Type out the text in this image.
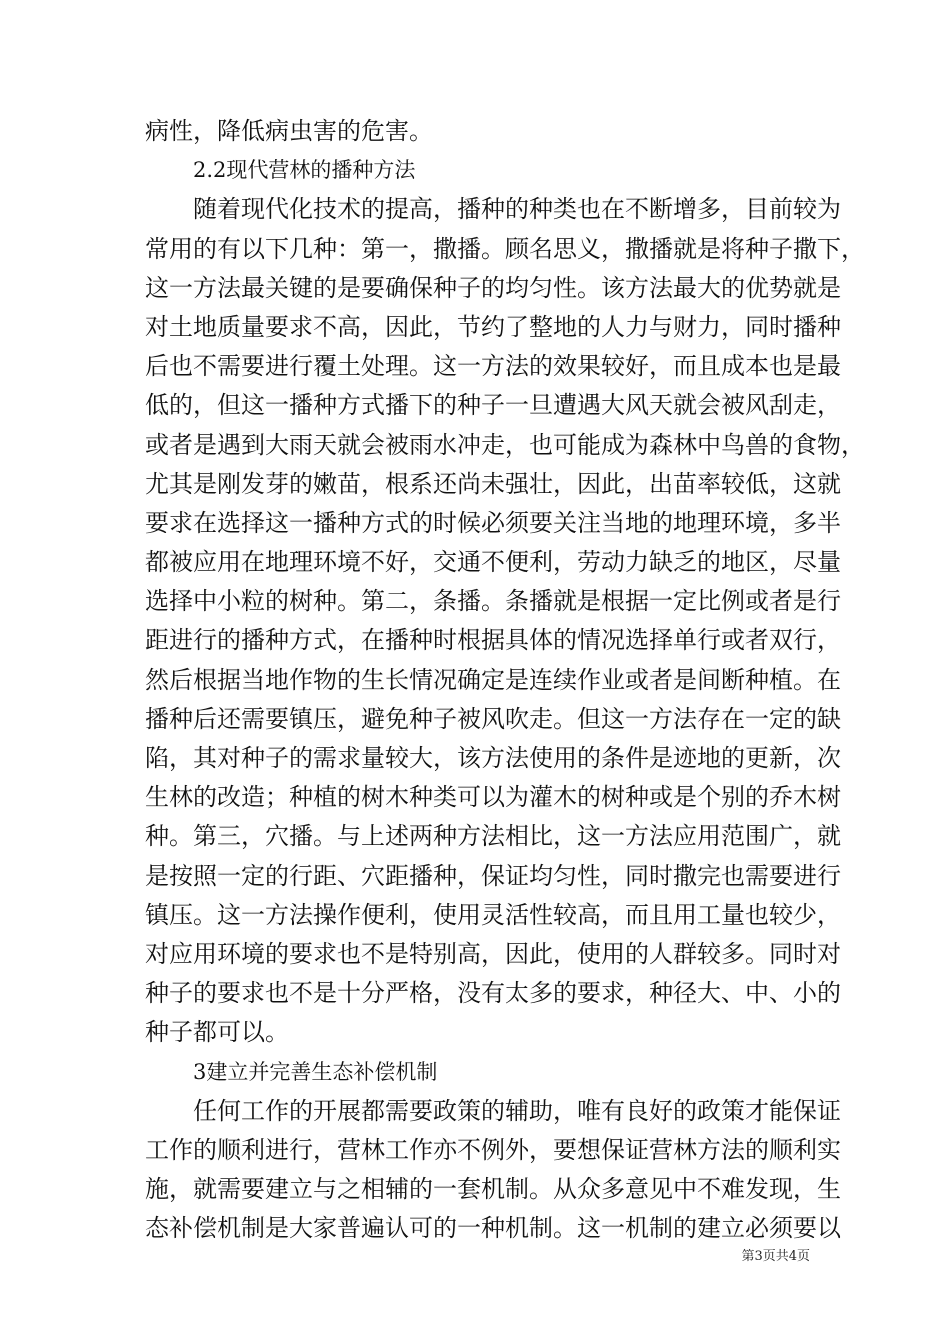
病性，降低病虫害的危害。
2.2现代营林的播种方法
随着现代化技术的提高，播种的种类也在不断增多，目前较为
常用的有以下几种：第一，撒播。顾名思义，撒播就是将种子撒下，
这一方法最关键的是要确保种子的均匀性。该方法最大的优势就是
对土地质量要求不高，因此，节约了整地的人力与财力，同时播种
后也不需要进行覆土处理。这一方法的效果较好，而且成本也是最
低的，但这一播种方式播下的种子一旦遭遇大风天就会被风刮走，
或者是遇到大雨天就会被雨水冲走，也可能成为森林中鸟兽的食物，
尤其是刚发芽的嫩苗，根系还尚未强壮，因此，出苗率较低，这就
要求在选择这一播种方式的时候必须要关注当地的地理环境，多半
都被应用在地理环境不好，交通不便利，劳动力缺乏的地区，尽量
选择中小粒的树种。第二，条播。条播就是根据一定比例或者是行
距进行的播种方式，在播种时根据具体的情况选择单行或者双行，
然后根据当地作物的生长情况确定是连续作业或者是间断种植。在
播种后还需要镇压，避免种子被风吹走。但这一方法存在一定的缺
陷，其对种子的需求量较大，该方法使用的条件是迹地的更新，次
生林的改造；种植的树木种类可以为灌木的树种或是个别的乔木树
种。第三，穴播。与上述两种方法相比，这一方法应用范围广，就
是按照一定的行距、穴距播种，保证均匀性，同时撒完也需要进行
镇压。这一方法操作便利，使用灵活性较高，而且用工量也较少，
对应用环境的要求也不是特别高，因此，使用的人群较多。同时对
种子的要求也不是十分严格，没有太多的要求，种径大、中、小的
种子都可以。
3建立并完善生态补偿机制
任何工作的开展都需要政策的辅助，唯有良好的政策才能保证
工作的顺利进行，营林工作亦不例外，要想保证营林方法的顺利实
施，就需要建立与之相辅的一套机制。从众多意见中不难发现，生
态补偿机制是大家普遍认可的一种机制。这一机制的建立必须要以
第3页共4页
